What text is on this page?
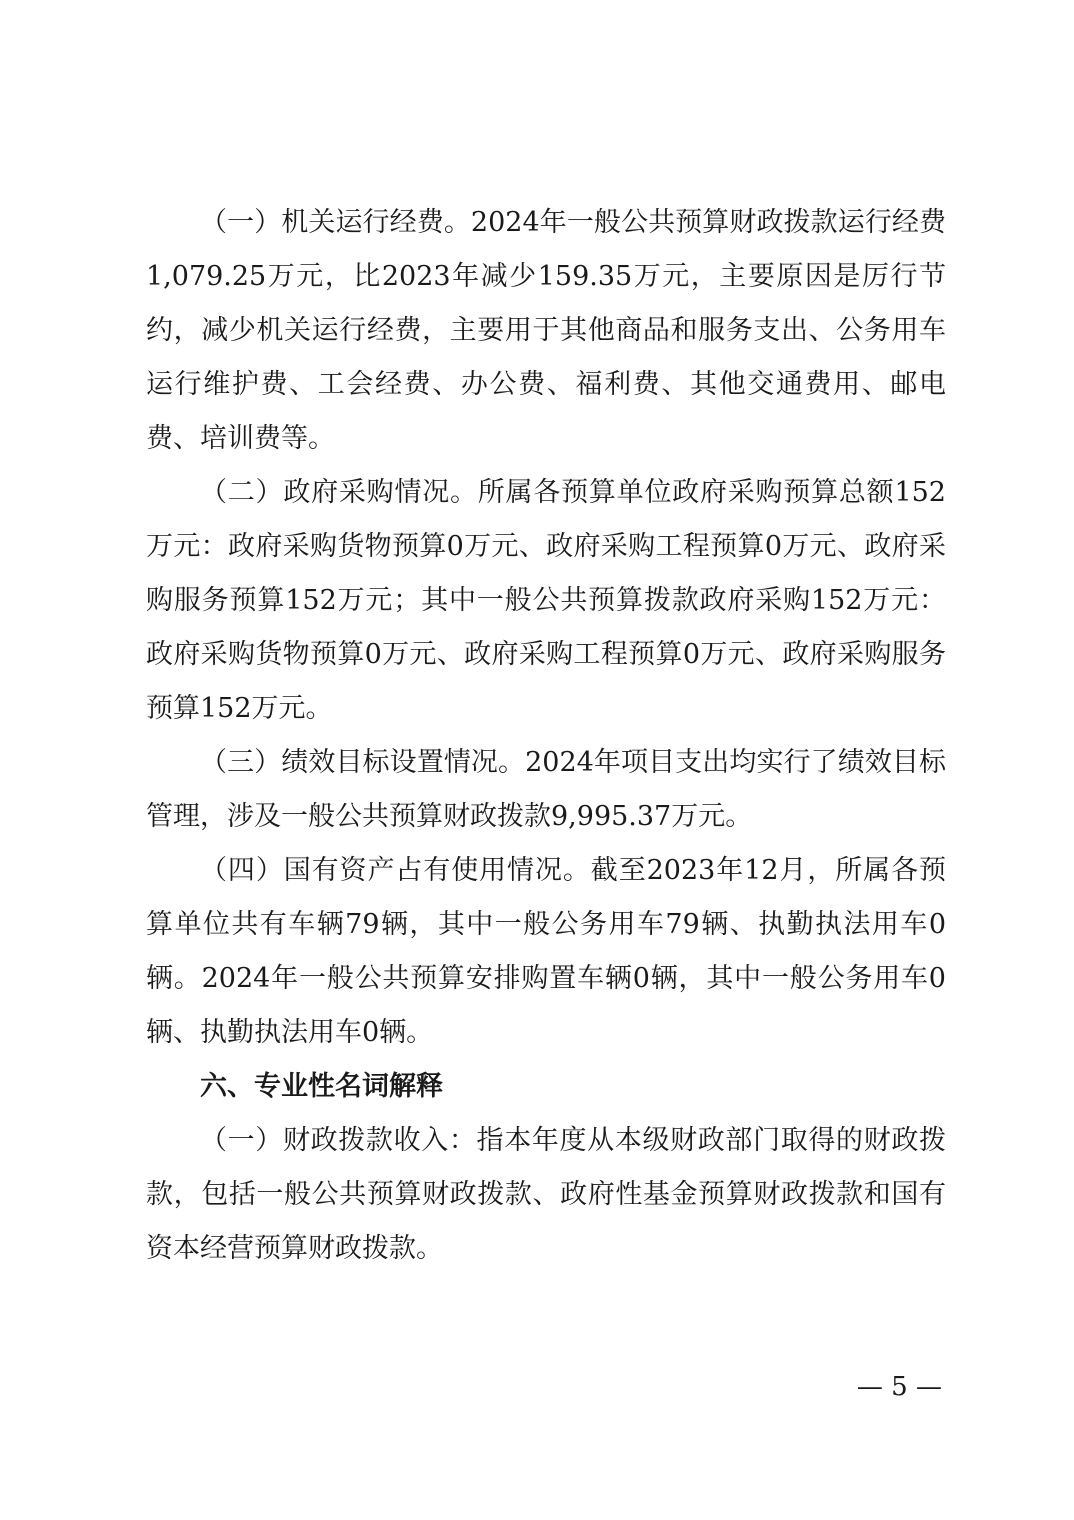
（一）机关运行经费。2024年一般公共预算财政拨款运行经费1,079.25万元，比2023年减少159.35万元，主要原因是厉行节约，减少机关运行经费，主要用于其他商品和服务支出、公务用车运行维护费、工会经费、办公费、福利费、其他交通费用、邮电费、培训费等。

（二）政府采购情况。所属各预算单位政府采购预算总额152万元：政府采购货物预算0万元、政府采购工程预算0万元、政府采购服务预算152万元；其中一般公共预算拨款政府采购152万元：政府采购货物预算0万元、政府采购工程预算0万元、政府采购服务预算152万元。

（三）绩效目标设置情况。2024年项目支出均实行了绩效目标管理，涉及一般公共预算财政拨款9,995.37万元。

（四）国有资产占有使用情况。截至2023年12月，所属各预算单位共有车辆79辆，其中一般公务用车79辆、执勤执法用车0辆。2024年一般公共预算安排购置车辆0辆，其中一般公务用车0辆、执勤执法用车0辆。

六、专业性名词解释

（一）财政拨款收入：指本年度从本级财政部门取得的财政拨款，包括一般公共预算财政拨款、政府性基金预算财政拨款和国有资本经营预算财政拨款。

— 5 —
